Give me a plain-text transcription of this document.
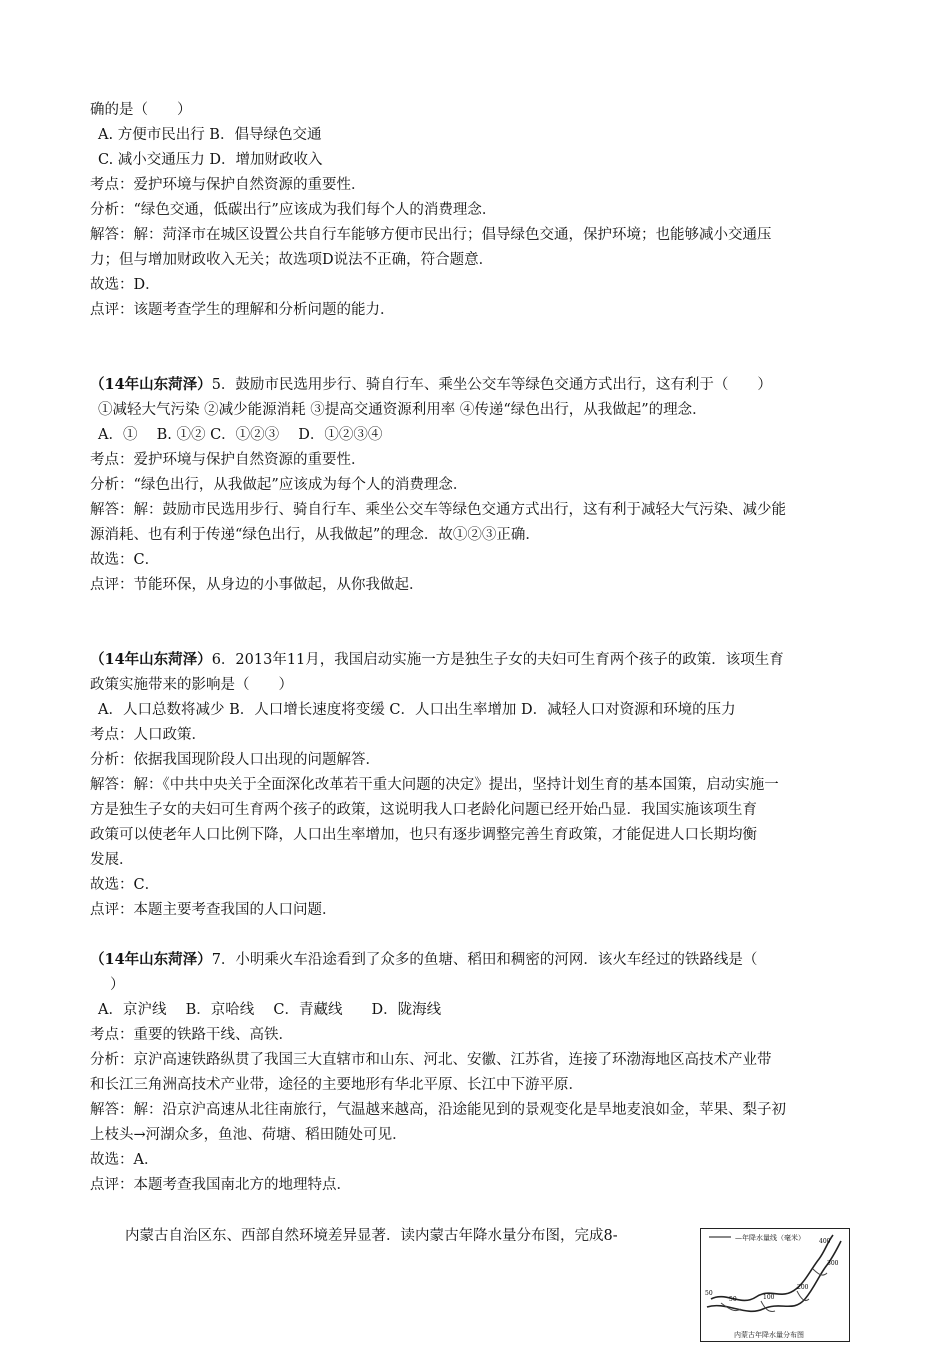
确的是（　　）
A. 方便市民出行 B．倡导绿色交通
C. 减小交通压力 D．增加财政收入
考点：爱护环境与保护自然资源的重要性．
分析：“绿色交通，低碳出行”应该成为我们每个人的消费理念．
解答：解：菏泽市在城区设置公共自行车能够方便市民出行；倡导绿色交通，保护环境；也能够减小交通压
力；但与增加财政收入无关；故选项D说法不正确，符合题意．
故选：D．
点评：该题考查学生的理解和分析问题的能力．
（14年山东菏泽）5．鼓励市民选用步行、骑自行车、乘坐公交车等绿色交通方式出行，这有利于（　　）
①减轻大气污染 ②减少能源消耗 ③提高交通资源利用率 ④传递“绿色出行，从我做起”的理念．
A．①　 B. ①② C．①②③　 D．①②③④
考点：爱护环境与保护自然资源的重要性．
分析：“绿色出行，从我做起”应该成为每个人的消费理念．
解答：解：鼓励市民选用步行、骑自行车、乘坐公交车等绿色交通方式出行，这有利于减轻大气污染、减少能
源消耗、也有利于传递“绿色出行，从我做起”的理念．故①②③正确．
故选：C．
点评：节能环保，从身边的小事做起，从你我做起．
（14年山东菏泽）6．2013年11月，我国启动实施一方是独生子女的夫妇可生育两个孩子的政策．该项生育
政策实施带来的影响是（　　）
A．人口总数将减少 B．人口增长速度将变缓 C．人口出生率增加 D．减轻人口对资源和环境的压力
考点：人口政策．
分析：依据我国现阶段人口出现的问题解答．
解答：解：《中共中央关于全面深化改革若干重大问题的决定》提出，坚持计划生育的基本国策，启动实施一
方是独生子女的夫妇可生育两个孩子的政策，这说明我人口老龄化问题已经开始凸显．我国实施该项生育
政策可以使老年人口比例下降，人口出生率增加，也只有逐步调整完善生育政策，才能促进人口长期均衡
发展．
故选：C．
点评：本题主要考查我国的人口问题．
（14年山东菏泽）7．小明乘火车沿途看到了众多的鱼塘、稻田和稠密的河网．该火车经过的铁路线是（
）
A．京沪线　 B．京哈线　 C．青藏线　　D．陇海线
考点：重要的铁路干线、高铁．
分析：京沪高速铁路纵贯了我国三大直辖市和山东、河北、安徽、江苏省，连接了环渤海地区高技术产业带
和长江三角洲高技术产业带，途径的主要地形有华北平原、长江中下游平原．
解答：解：沿京沪高速从北往南旅行，气温越来越高，沿途能见到的景观变化是旱地麦浪如金，苹果、梨子初
上枝头→河湖众多，鱼池、荷塘、稻田随处可见．
故选：A．
点评：本题考查我国南北方的地理特点．
内蒙古自治区东、西部自然环境差异显著．读内蒙古年降水量分布图，完成8-	400
300
200
100
50
50
—年降水量线（毫米）
内蒙古年降水量分布图
